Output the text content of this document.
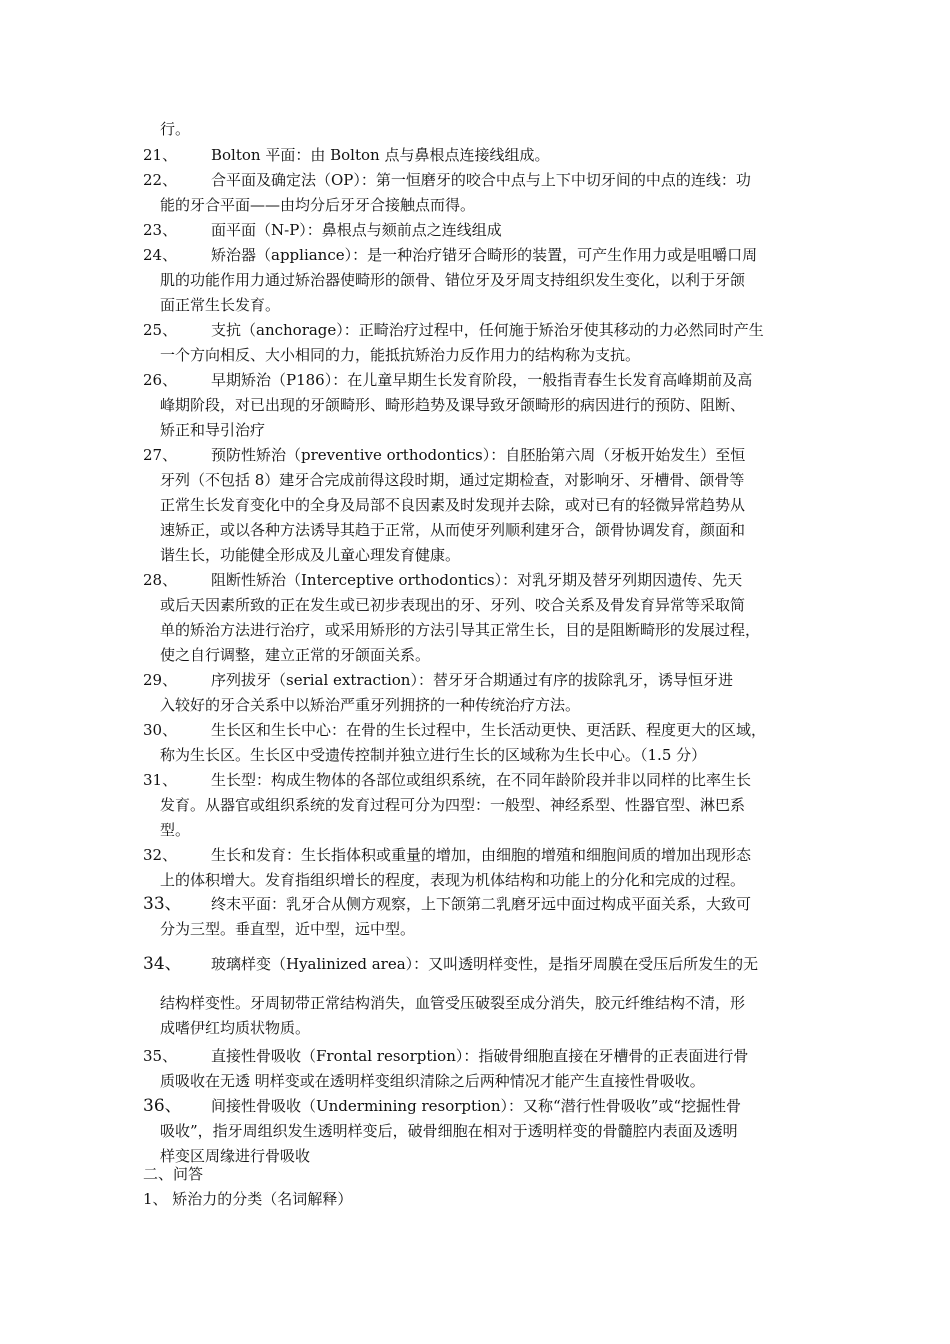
行。
21、	Bolton 平面：由 Bolton 点与鼻根点连接线组成。
22、	合平面及确定法（OP）：第一恒磨牙的咬合中点与上下中切牙间的中点的连线：功
能的牙合平面——由均分后牙牙合接触点而得。
23、	面平面（N-P）：鼻根点与颏前点之连线组成
24、	矫治器（appliance）：是一种治疗错牙合畸形的装置，可产生作用力或是咀嚼口周
肌的功能作用力通过矫治器使畸形的颌骨、错位牙及牙周支持组织发生变化，以利于牙颌
面正常生长发育。
25、	支抗（anchorage）：正畸治疗过程中，任何施于矫治牙使其移动的力必然同时产生
一个方向相反、大小相同的力，能抵抗矫治力反作用力的结构称为支抗。
26、	早期矫治（P186）：在儿童早期生长发育阶段，一般指青春生长发育高峰期前及高
峰期阶段，对已出现的牙颌畸形、畸形趋势及课导致牙颌畸形的病因进行的预防、阻断、
矫正和导引治疗
27、	预防性矫治（preventive orthodontics）：自胚胎第六周（牙板开始发生）至恒
牙列（不包括 8）建牙合完成前得这段时期，通过定期检查，对影响牙、牙槽骨、颌骨等
正常生长发育变化中的全身及局部不良因素及时发现并去除，或对已有的轻微异常趋势从
速矫正，或以各种方法诱导其趋于正常，从而使牙列顺利建牙合，颌骨协调发育，颜面和
谐生长，功能健全形成及儿童心理发育健康。
28、	阻断性矫治（Interceptive orthodontics）：对乳牙期及替牙列期因遗传、先天
或后天因素所致的正在发生或已初步表现出的牙、牙列、咬合关系及骨发育异常等采取简
单的矫治方法进行治疗，或采用矫形的方法引导其正常生长，目的是阻断畸形的发展过程，
使之自行调整，建立正常的牙颌面关系。
29、	序列拔牙（serial extraction）：替牙牙合期通过有序的拔除乳牙，诱导恒牙进
入较好的牙合关系中以矫治严重牙列拥挤的一种传统治疗方法。
30、	生长区和生长中心：在骨的生长过程中，生长活动更快、更活跃、程度更大的区域，
称为生长区。生长区中受遗传控制并独立进行生长的区域称为生长中心。（1.5 分）
31、	生长型：构成生物体的各部位或组织系统，在不同年龄阶段并非以同样的比率生长
发育。从器官或组织系统的发育过程可分为四型：一般型、神经系型、性器官型、淋巴系
型。
32、	生长和发育：生长指体积或重量的增加，由细胞的增殖和细胞间质的增加出现形态
上的体积增大。发育指组织增长的程度，表现为机体结构和功能上的分化和完成的过程。
33、	终末平面：乳牙合从侧方观察，上下颌第二乳磨牙远中面过构成平面关系，大致可
分为三型。垂直型，近中型，远中型。
34、	玻璃样变（Hyalinized area）：又叫透明样变性，是指牙周膜在受压后所发生的无
结构样变性。牙周韧带正常结构消失，血管受压破裂至成分消失，胶元纤维结构不清，形
成嗜伊红均质状物质。
35、	直接性骨吸收（Frontal resorption）：指破骨细胞直接在牙槽骨的正表面进行骨
质吸收在无透 明样变或在透明样变组织清除之后两种情况才能产生直接性骨吸收。
36、	间接性骨吸收（Undermining resorption）：又称“潜行性骨吸收”或“挖掘性骨
吸收”，指牙周组织发生透明样变后，破骨细胞在相对于透明样变的骨髓腔内表面及透明
样变区周缘进行骨吸收
二、问答
1、 矫治力的分类（名词解释）
